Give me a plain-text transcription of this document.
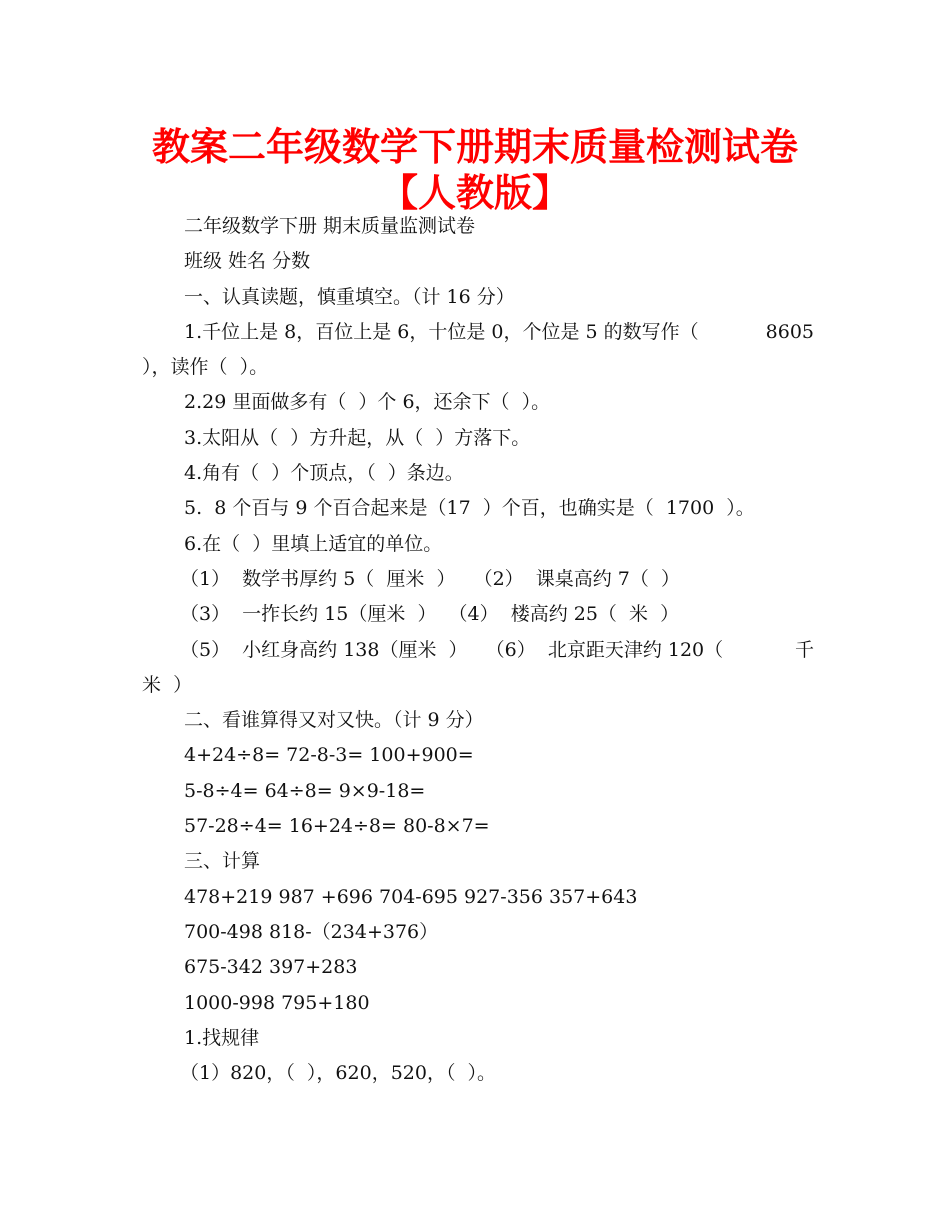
教案二年级数学下册期末质量检测试卷
【人教版】
二年级数学下册 期末质量监测试卷
班级 姓名 分数
一、认真读题，慎重填空。（计 16 分）
1.千位上是 8，百位上是 6，十位是 0，个位是 5 的数写作（	8605
），读作（  ）。
2.29 里面做多有（  ）个 6，还余下（  ）。
3.太阳从（  ）方升起，从（  ）方落下。
4.角有（  ）个顶点，（  ）条边。
5.  8 个百与 9 个百合起来是（17  ）个百，也确实是（  1700  ）。
6.在（  ）里填上适宜的单位。
（1）  数学书厚约 5（  厘米  ）   （2）  课桌高约 7（  ）
（3）  一拃长约 15（厘米  ）  （4）  楼高约 25（  米  ）
（5）  小红身高约 138（厘米  ）   （6）  北京距天津约 120（	千
米  ）
二、看谁算得又对又快。（计 9 分）
4+24÷8= 72-8-3= 100+900=
5-8÷4= 64÷8= 9×9-18=
57-28÷4= 16+24÷8= 80-8×7=
三、计算
478+219 987 +696 704-695 927-356 357+643
700-498 818-（234+376）
675-342 397+283
1000-998 795+180
1.找规律
（1）820，（  ），620，520，（  ）。
